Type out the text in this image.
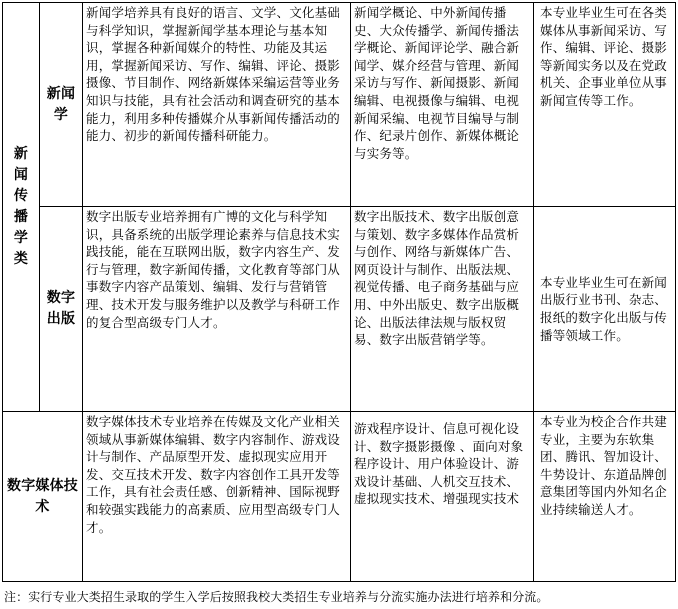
新闻传播学类	新闻学	新闻学培养具有良好的语言、文学、文化基础与科学知识，掌握新闻学基本理论与基本知识，掌握各种新闻媒介的特性、功能及其运用，掌握新闻采访、写作、编辑、评论、摄影摄像、节目制作、网络新媒体采编运营等业务知识与技能，具有社会活动和调查研究的基本能力，利用多种传播媒介从事新闻传播活动的能力、初步的新闻传播科研能力。	新闻学概论、中外新闻传播史、大众传播学、新闻传播法学概论、新闻评论学、融合新闻学、媒介经营与管理、新闻采访与写作、新闻摄影、新闻编辑、电视摄像与编辑、电视新闻采编、电视节目编导与制作、纪录片创作、新媒体概论与实务等。	本专业毕业生可在各类媒体从事新闻采访、写作、编辑、评论、摄影等新闻实务以及在党政机关、企事业单位从事新闻宣传等工作。
	数字出版	数字出版专业培养拥有广博的文化与科学知识，具备系统的出版学理论素养与信息技术实践技能，能在互联网出版，数字内容生产、发行与管理，数字新闻传播，文化教育等部门从事数字内容产品策划、编辑、发行与营销管理、技术开发与服务维护以及教学与科研工作的复合型高级专门人才。	数字出版技术、数字出版创意与策划、数字多媒体作品赏析与创作、网络与新媒体广告、网页设计与制作、出版法规、视觉传播、电子商务基础与应用、中外出版史、数字出版概论、出版法律法规与版权贸易、数字出版营销学等。	本专业毕业生可在新闻出版行业书刊、杂志、报纸的数字化出版与传播等领域工作。
数字媒体技术		数字媒体技术专业培养在传媒及文化产业相关领域从事新媒体编辑、数字内容制作、游戏设计与制作、产品原型开发、虚拟现实应用开发、交互技术开发、数字内容创作工具开发等工作，具有社会责任感、创新精神、国际视野和较强实践能力的高素质、应用型高级专门人才。	游戏程序设计、信息可视化设计、数字摄影摄像 、面向对象程序设计、用户体验设计、游戏设计基础、人机交互技术、虚拟现实技术、增强现实技术	本专业为校企合作共建专业，主要为东软集团、腾讯、智加设计、牛势设计、东道品牌创意集团等国内外知名企业持续输送人才。
注：实行专业大类招生录取的学生入学后按照我校大类招生专业培养与分流实施办法进行培养和分流。
